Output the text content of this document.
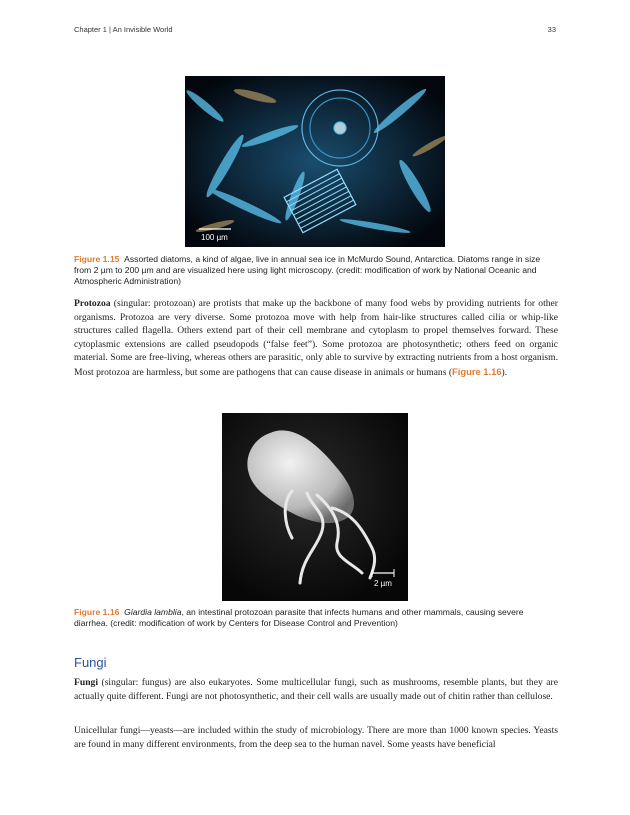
Chapter 1 | An Invisible World	33
100 µm
Figure 1.15 Assorted diatoms, a kind of algae, live in annual sea ice in McMurdo Sound, Antarctica. Diatoms range in size from 2 µm to 200 µm and are visualized here using light microscopy. (credit: modification of work by National Oceanic and Atmospheric Administration)
Protozoa (singular: protozoan) are protists that make up the backbone of many food webs by providing nutrients for other organisms. Protozoa are very diverse. Some protozoa move with help from hair-like structures called cilia or whip-like structures called flagella. Others extend part of their cell membrane and cytoplasm to propel themselves forward. These cytoplasmic extensions are called pseudopods (“false feet”). Some protozoa are photosynthetic; others feed on organic material. Some are free-living, whereas others are parasitic, only able to survive by extracting nutrients from a host organism. Most protozoa are harmless, but some are pathogens that can cause disease in animals or humans (Figure 1.16).
2 µm
Figure 1.16 Giardia lamblia, an intestinal protozoan parasite that infects humans and other mammals, causing severe diarrhea. (credit: modification of work by Centers for Disease Control and Prevention)
Fungi
Fungi (singular: fungus) are also eukaryotes. Some multicellular fungi, such as mushrooms, resemble plants, but they are actually quite different. Fungi are not photosynthetic, and their cell walls are usually made out of chitin rather than cellulose.
Unicellular fungi—yeasts—are included within the study of microbiology. There are more than 1000 known species. Yeasts are found in many different environments, from the deep sea to the human navel. Some yeasts have beneficial
